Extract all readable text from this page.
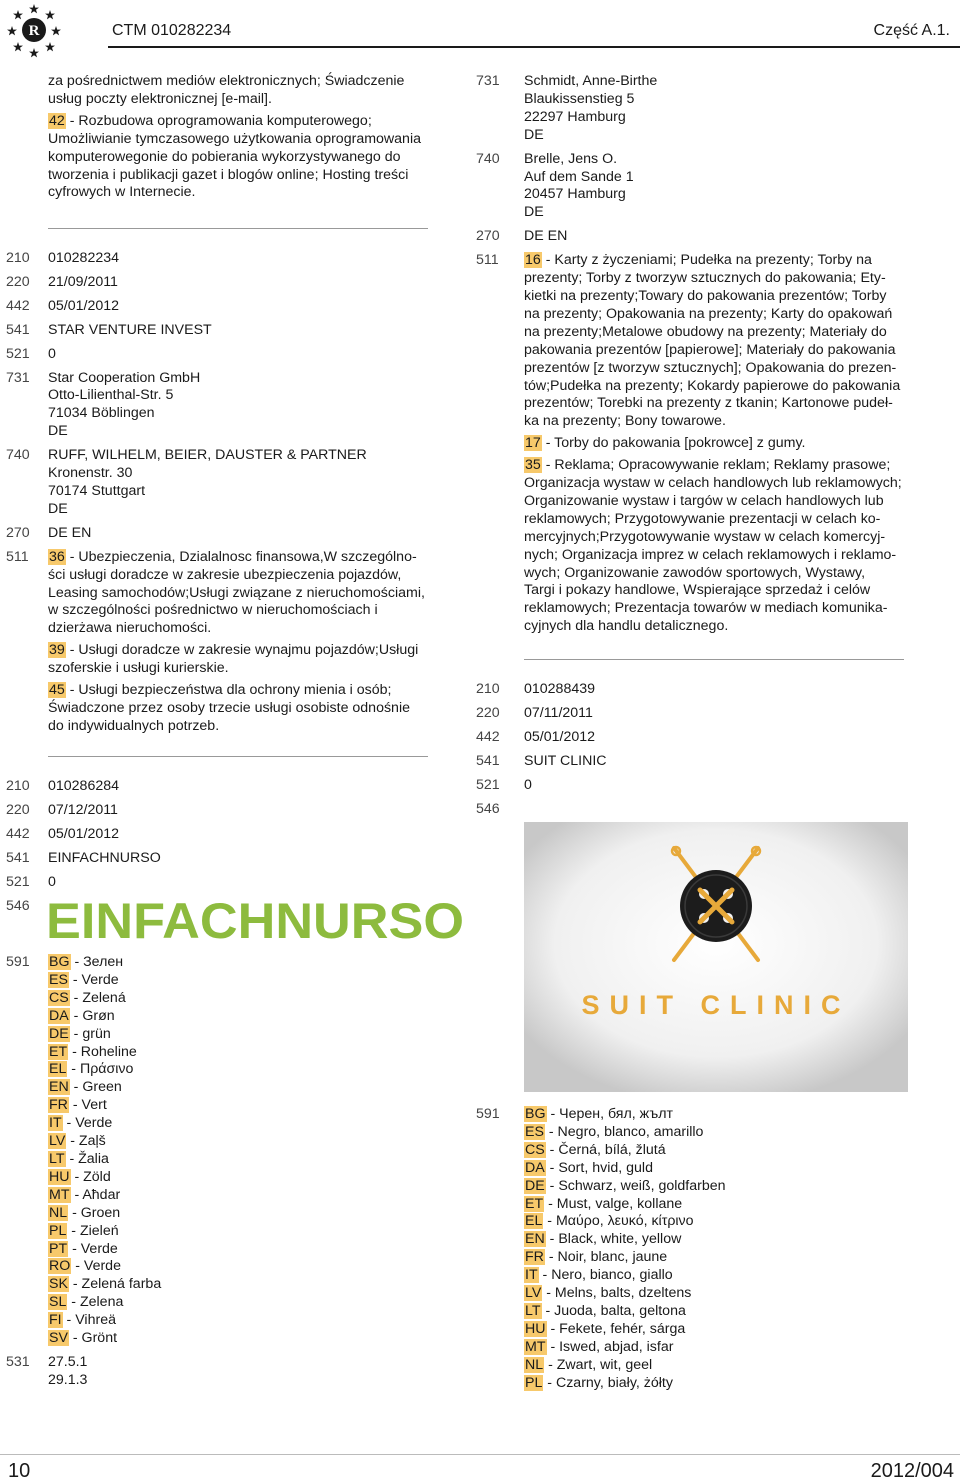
R	CTM 010282234	Część A.1.
za pośrednictwem mediów elektronicznych; Świadczenie
usług poczty elektronicznej [e-mail].
42 - Rozbudowa oprogramowania komputerowego;
Umożliwianie tymczasowego użytkowania oprogramowania
komputerowegonie do pobierania wykorzystywanego do
tworzenia i publikacji gazet i blogów online; Hosting treści
cyfrowych w Internecie.
210	010282234
220	21/09/2011
442	05/01/2012
541	STAR VENTURE INVEST
521	0
731	Star Cooperation GmbH
Otto-Lilienthal-Str. 5
71034 Böblingen
DE
740	RUFF, WILHELM, BEIER, DAUSTER & PARTNER
Kronenstr. 30
70174 Stuttgart
DE
270	DE EN
511	36 - Ubezpieczenia, Dzialalnosc finansowa,W szczególno-
ści usługi doradcze w zakresie ubezpieczenia pojazdów,
Leasing samochodów;Usługi związane z nieruchomościami,
w szczególności pośrednictwo w nieruchomościach i
dzierżawa nieruchomości.
39 - Usługi doradcze w zakresie wynajmu pojazdów;Usługi
szoferskie i usługi kurierskie.
45 - Usługi bezpieczeństwa dla ochrony mienia i osób;
Świadczone przez osoby trzecie usługi osobiste odnośnie
do indywidualnych potrzeb.
210	010286284
220	07/12/2011
442	05/01/2012
541	EINFACHNURSO
521	0
546 EINFACHNURSO
591	BG - Зелен
ES - Verde
CS - Zelená
DA - Grøn
DE - grün
ET - Roheline
EL - Πράσινο
EN - Green
FR - Vert
IT - Verde
LV - Zaļš
LT - Žalia
HU - Zöld
MT - Aħdar
NL - Groen
PL - Zieleń
PT - Verde
RO - Verde
SK - Zelená farba
SL - Zelena
FI - Vihreä
SV - Grönt
531	27.5.1
29.1.3
731	Schmidt, Anne-Birthe
Blaukissenstieg 5
22297 Hamburg
DE
740	Brelle, Jens O.
Auf dem Sande 1
20457 Hamburg
DE
270	DE EN
511	16 - Karty z życzeniami; Pudełka na prezenty; Torby na
prezenty; Torby z tworzyw sztucznych do pakowania; Ety-
kietki na prezenty;Towary do pakowania prezentów; Torby
na prezenty; Opakowania na prezenty; Karty do opakowań
na prezenty;Metalowe obudowy na prezenty; Materiały do
pakowania prezentów [papierowe]; Materiały do pakowania
prezentów [z tworzyw sztucznych]; Opakowania do prezen-
tów;Pudełka na prezenty; Kokardy papierowe do pakowania
prezentów; Torebki na prezenty z tkanin; Kartonowe pudeł-
ka na prezenty; Bony towarowe.
17 - Torby do pakowania [pokrowce] z gumy.
35 - Reklama; Opracowywanie reklam; Reklamy prasowe;
Organizacja wystaw w celach handlowych lub reklamowych;
Organizowanie wystaw i targów w celach handlowych lub
reklamowych; Przygotowywanie prezentacji w celach ko-
mercyjnych;Przygotowywanie wystaw w celach komercyj-
nych; Organizacja imprez w celach reklamowych i reklamo-
wych; Organizowanie zawodów sportowych, Wystawy,
Targi i pokazy handlowe, Wspierające sprzedaż i celów
reklamowych; Prezentacja towarów w mediach komunika-
cyjnych dla handlu detalicznego.
210	010288439
220	07/11/2011
442	05/01/2012
541	SUIT CLINIC
521	0
546
SUIT CLINIC
591	BG - Черен, бял, жълт
ES - Negro, blanco, amarillo
CS - Černá, bílá, žlutá
DA - Sort, hvid, guld
DE - Schwarz, weiß, goldfarben
ET - Must, valge, kollane
EL - Μαύρο, λευκό, κίτρινο
EN - Black, white, yellow
FR - Noir, blanc, jaune
IT - Nero, bianco, giallo
LV - Melns, balts, dzeltens
LT - Juoda, balta, geltona
HU - Fekete, fehér, sárga
MT - Iswed, abjad, isfar
NL - Zwart, wit, geel
PL - Czarny, biały, żółty
10	2012/004
